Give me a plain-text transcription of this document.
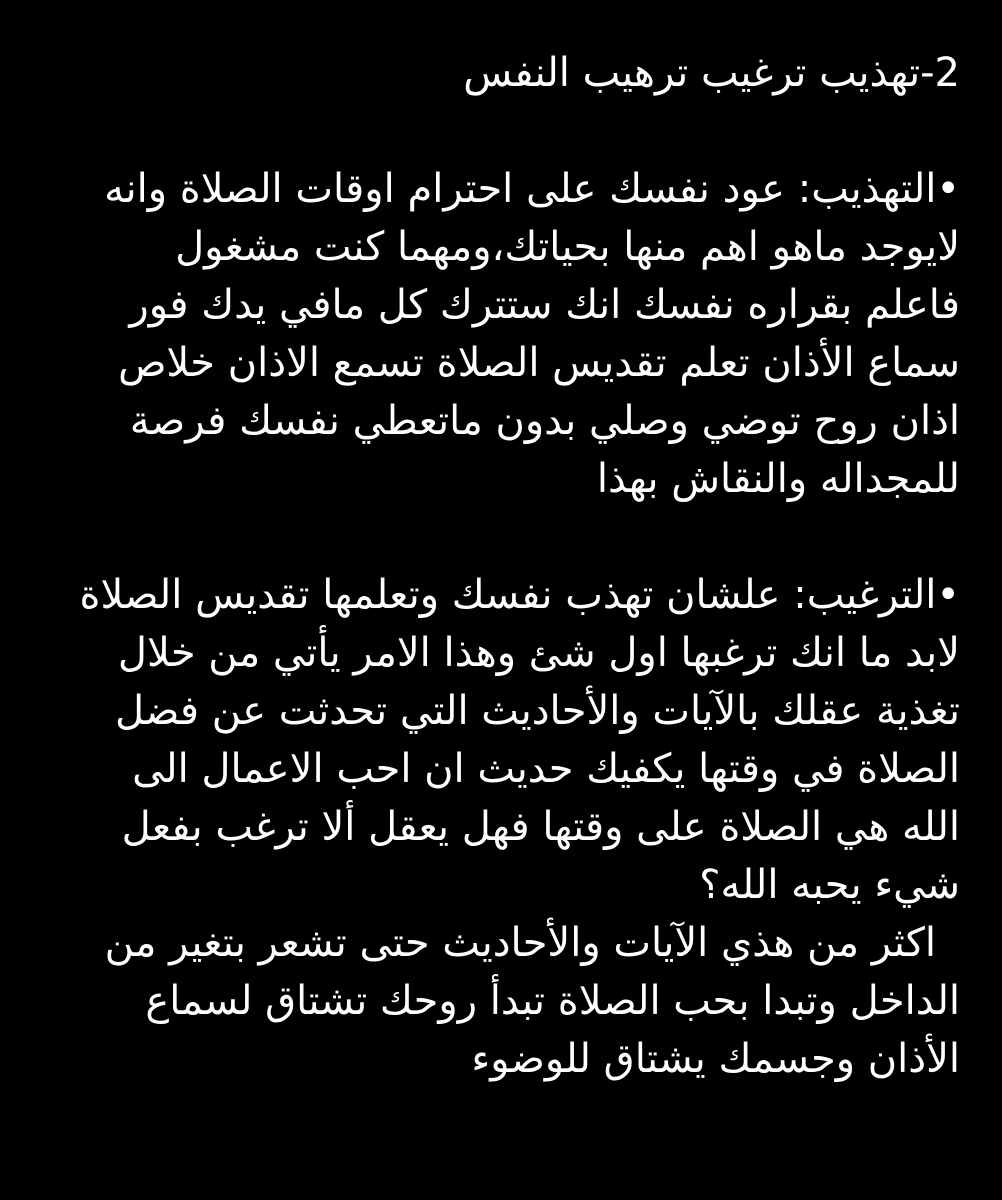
2-تهذيب ترغيب ترهيب النفس
•التهذيب: عود نفسك على احترام اوقات الصلاة وانه
لايوجد ماهو اهم منها بحياتك،ومهما كنت مشغول
فاعلم بقراره نفسك انك ستترك كل مافي يدك فور
سماع الأذان تعلم تقديس الصلاة تسمع الاذان خلاص
اذان روح توضي وصلي بدون ماتعطي نفسك فرصة
للمجداله والنقاش بهذا
•الترغيب: علشان تهذب نفسك وتعلمها تقديس الصلاة
لابد ما انك ترغبها اول شئ وهذا الامر يأتي من خلال
تغذية عقلك بالآيات والأحاديث التي تحدثت عن فضل
الصلاة في وقتها يكفيك حديث ان احب الاعمال الى
الله هي الصلاة على وقتها فهل يعقل ألا ترغب بفعل
شيء يحبه الله؟
اكثر من هذي الآيات والأحاديث حتى تشعر بتغير من
الداخل وتبدا بحب الصلاة تبدأ روحك تشتاق لسماع
الأذان وجسمك يشتاق للوضوء
